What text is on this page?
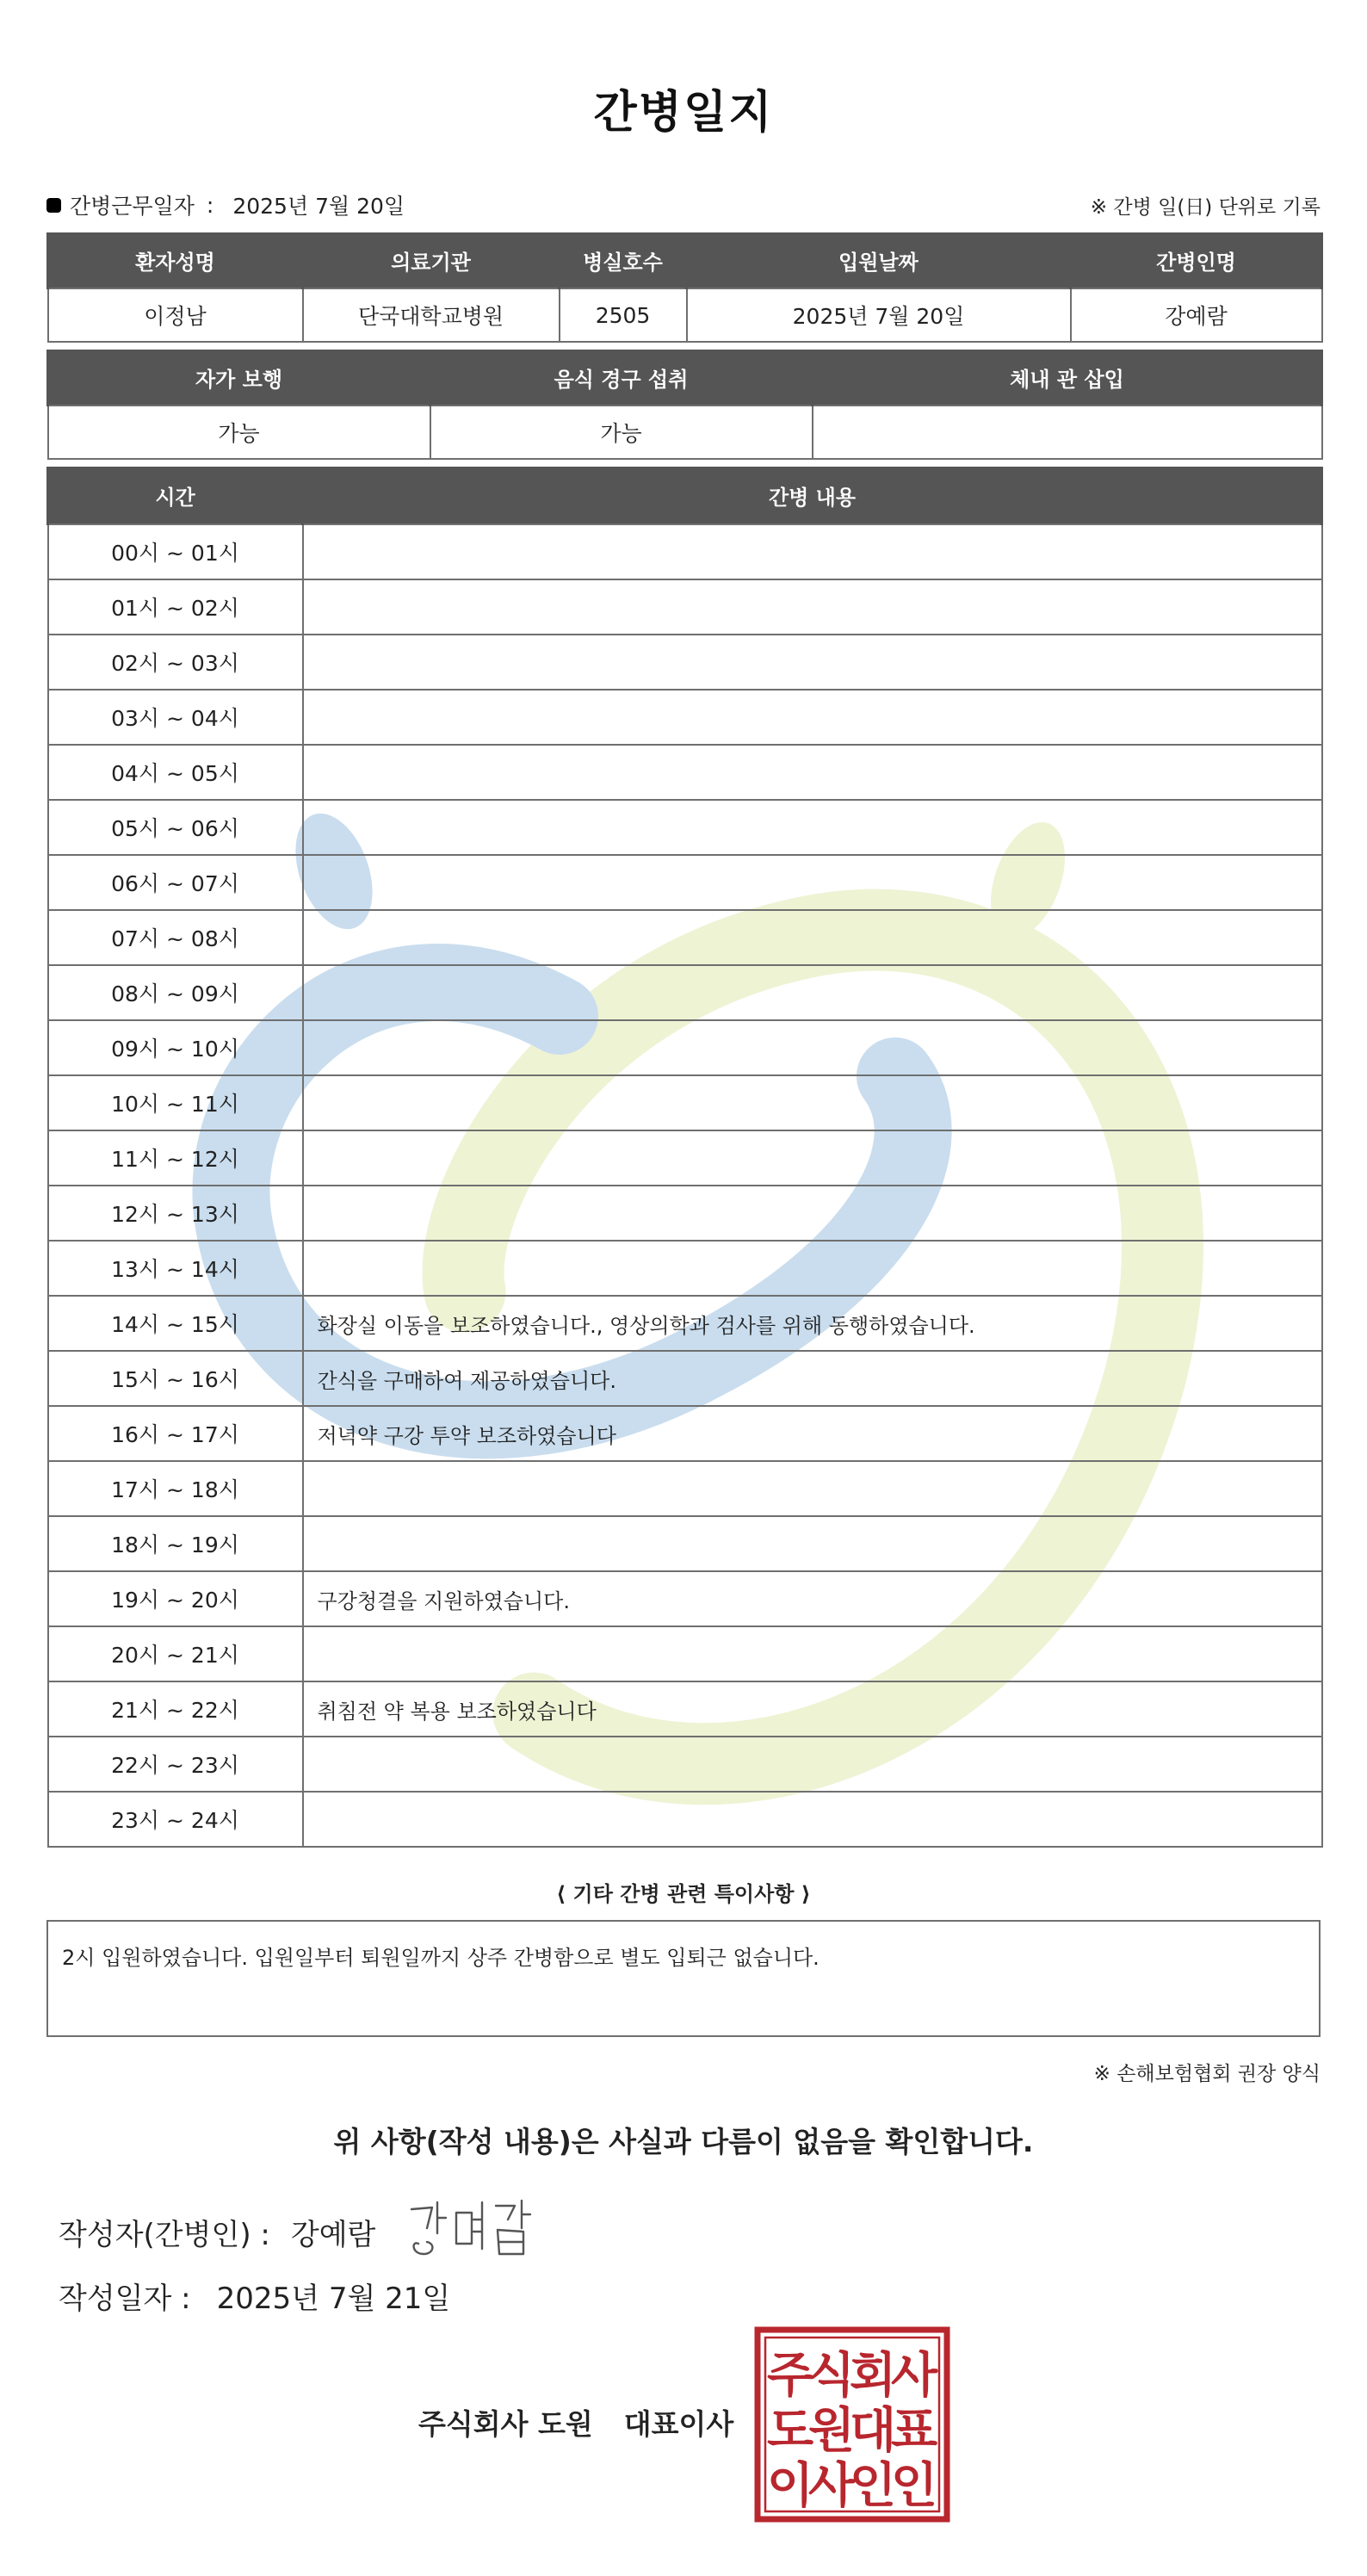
간병일지
간병근무일자 : 2025년 7월 20일	※ 간병 일(日) 단위로 기록
환자성명	의료기관	병실호수	입원날짜	간병인명
이정남	단국대학교병원	2505	2025년 7월 20일	강예람
자가 보행	음식 경구 섭취	체내 관 삽입
가능	가능	
시간	간병 내용
00시 ~ 01시	
01시 ~ 02시	
02시 ~ 03시	
03시 ~ 04시	
04시 ~ 05시	
05시 ~ 06시	
06시 ~ 07시	
07시 ~ 08시	
08시 ~ 09시	
09시 ~ 10시	
10시 ~ 11시	
11시 ~ 12시	
12시 ~ 13시	
13시 ~ 14시	
14시 ~ 15시	화장실 이동을 보조하였습니다., 영상의학과 검사를 위해 동행하였습니다.
15시 ~ 16시	간식을 구매하여 제공하였습니다.
16시 ~ 17시	저녁약 구강 투약 보조하였습니다
17시 ~ 18시	
18시 ~ 19시	
19시 ~ 20시	구강청결을 지원하였습니다.
20시 ~ 21시	
21시 ~ 22시	취침전 약 복용 보조하였습니다
22시 ~ 23시	
23시 ~ 24시	
⟨ 기타 간병 관련 특이사항 ⟩
2시 입원하였습니다. 입원일부터 퇴원일까지 상주 간병함으로 별도 입퇴근 없습니다.
※ 손해보험협회 권장 양식
위 사항(작성 내용)은 사실과 다름이 없음을 확인합니다.
작성자(간병인) : 강예람
작성일자 : 2025년 7월 21일
주식회사 도원 대표이사
주
식
회
사
도
원
대
표
이
사
인
인
